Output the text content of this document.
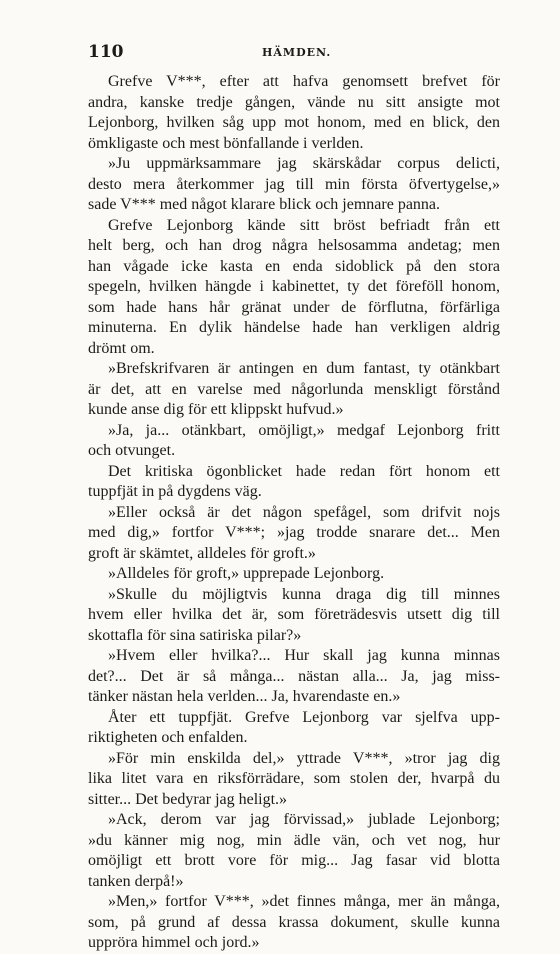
110	HÄMDEN.
Grefve V***, efter att hafva genomsett brefvet för
andra, kanske tredje gången, vände nu sitt ansigte mot
Lejonborg, hvilken såg upp mot honom, med en blick, den
ömkligaste och mest bönfallande i verlden.
»Ju uppmärksammare jag skärskådar corpus delicti,
desto mera återkommer jag till min första öfvertygelse,»
sade V*** med något klarare blick och jemnare panna.
Grefve Lejonborg kände sitt bröst befriadt från ett
helt berg, och han drog några helsosamma andetag; men
han vågade icke kasta en enda sidoblick på den stora
spegeln, hvilken hängde i kabinettet, ty det föreföll honom,
som hade hans hår gränat under de förflutna, förfärliga
minuterna. En dylik händelse hade han verkligen aldrig
drömt om.
»Brefskrifvaren är antingen en dum fantast, ty otänkbart
är det, att en varelse med någorlunda menskligt förstånd
kunde anse dig för ett klippskt hufvud.»
»Ja, ja... otänkbart, omöjligt,» medgaf Lejonborg fritt
och otvunget.
Det kritiska ögonblicket hade redan fört honom ett
tuppfjät in på dygdens väg.
»Eller också är det någon spefågel, som drifvit nojs
med dig,» fortfor V***; »jag trodde snarare det... Men
groft är skämtet, alldeles för groft.»
»Alldeles för groft,» upprepade Lejonborg.
»Skulle du möjligtvis kunna draga dig till minnes
hvem eller hvilka det är, som företrädesvis utsett dig till
skottafla för sina satiriska pilar?»
»Hvem eller hvilka?... Hur skall jag kunna minnas
det?... Det är så många... nästan alla... Ja, jag miss-
tänker nästan hela verlden... Ja, hvarendaste en.»
Åter ett tuppfjät. Grefve Lejonborg var sjelfva upp-
riktigheten och enfalden.
»För min enskilda del,» yttrade V***, »tror jag dig
lika litet vara en riksförrädare, som stolen der, hvarpå du
sitter... Det bedyrar jag heligt.»
»Ack, derom var jag förvissad,» jublade Lejonborg;
»du känner mig nog, min ädle vän, och vet nog, hur
omöjligt ett brott vore för mig... Jag fasar vid blotta
tanken derpå!»
»Men,» fortfor V***, »det finnes många, mer än många,
som, på grund af dessa krassa dokument, skulle kunna
upprörа himmel och jord.»
